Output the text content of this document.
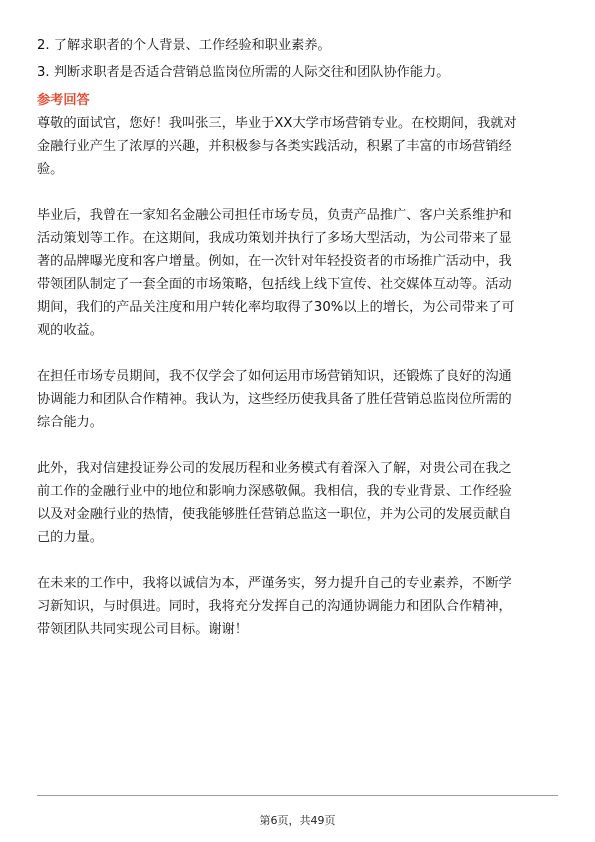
2. 了解求职者的个人背景、工作经验和职业素养。
3. 判断求职者是否适合营销总监岗位所需的人际交往和团队协作能力。
参考回答
尊敬的面试官，您好！我叫张三，毕业于XX大学市场营销专业。在校期间，我就对
金融行业产生了浓厚的兴趣，并积极参与各类实践活动，积累了丰富的市场营销经
验。
毕业后，我曾在一家知名金融公司担任市场专员，负责产品推广、客户关系维护和
活动策划等工作。在这期间，我成功策划并执行了多场大型活动，为公司带来了显
著的品牌曝光度和客户增量。例如，在一次针对年轻投资者的市场推广活动中，我
带领团队制定了一套全面的市场策略，包括线上线下宣传、社交媒体互动等。活动
期间，我们的产品关注度和用户转化率均取得了30%以上的增长，为公司带来了可
观的收益。
在担任市场专员期间，我不仅学会了如何运用市场营销知识，还锻炼了良好的沟通
协调能力和团队合作精神。我认为，这些经历使我具备了胜任营销总监岗位所需的
综合能力。
此外，我对信建投证券公司的发展历程和业务模式有着深入了解，对贵公司在我之
前工作的金融行业中的地位和影响力深感敬佩。我相信，我的专业背景、工作经验
以及对金融行业的热情，使我能够胜任营销总监这一职位，并为公司的发展贡献自
己的力量。
在未来的工作中，我将以诚信为本，严谨务实，努力提升自己的专业素养，不断学
习新知识，与时俱进。同时，我将充分发挥自己的沟通协调能力和团队合作精神，
带领团队共同实现公司目标。谢谢！
第6页，共49页
